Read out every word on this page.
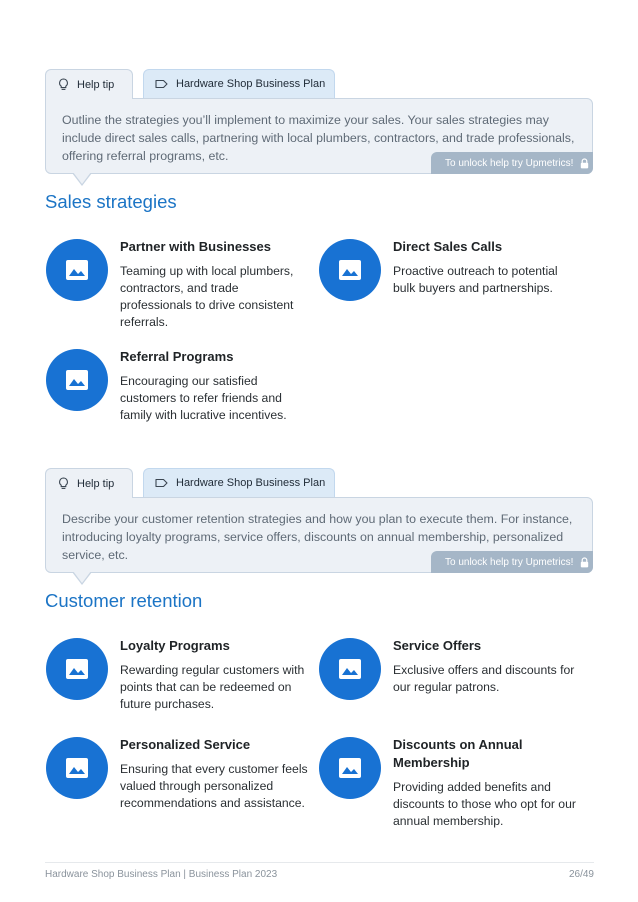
Help tip	Hardware Shop Business Plan

Outline the strategies you’ll implement to maximize your sales. Your sales strategies may include direct sales calls, partnering with local plumbers, contractors, and trade professionals, offering referral programs, etc.	To unlock help try Upmetrics!
Sales strategies
Partner with Businesses

Teaming up with local plumbers, contractors, and trade professionals to drive consistent referrals.

Direct Sales Calls

Proactive outreach to potential bulk buyers and partnerships.

Referral Programs

Encouraging our satisfied customers to refer friends and family with lucrative incentives.

Help tip	Hardware Shop Business Plan

Describe your customer retention strategies and how you plan to execute them. For instance, introducing loyalty programs, service offers, discounts on annual membership, personalized service, etc.	To unlock help try Upmetrics!
Customer retention
Loyalty Programs

Rewarding regular customers with points that can be redeemed on future purchases.

Service Offers

Exclusive offers and discounts for our regular patrons.

Personalized Service

Ensuring that every customer feels valued through personalized recommendations and assistance.

Discounts on Annual Membership

Providing added benefits and discounts to those who opt for our annual membership.

Hardware Shop Business Plan | Business Plan 2023	26/49
